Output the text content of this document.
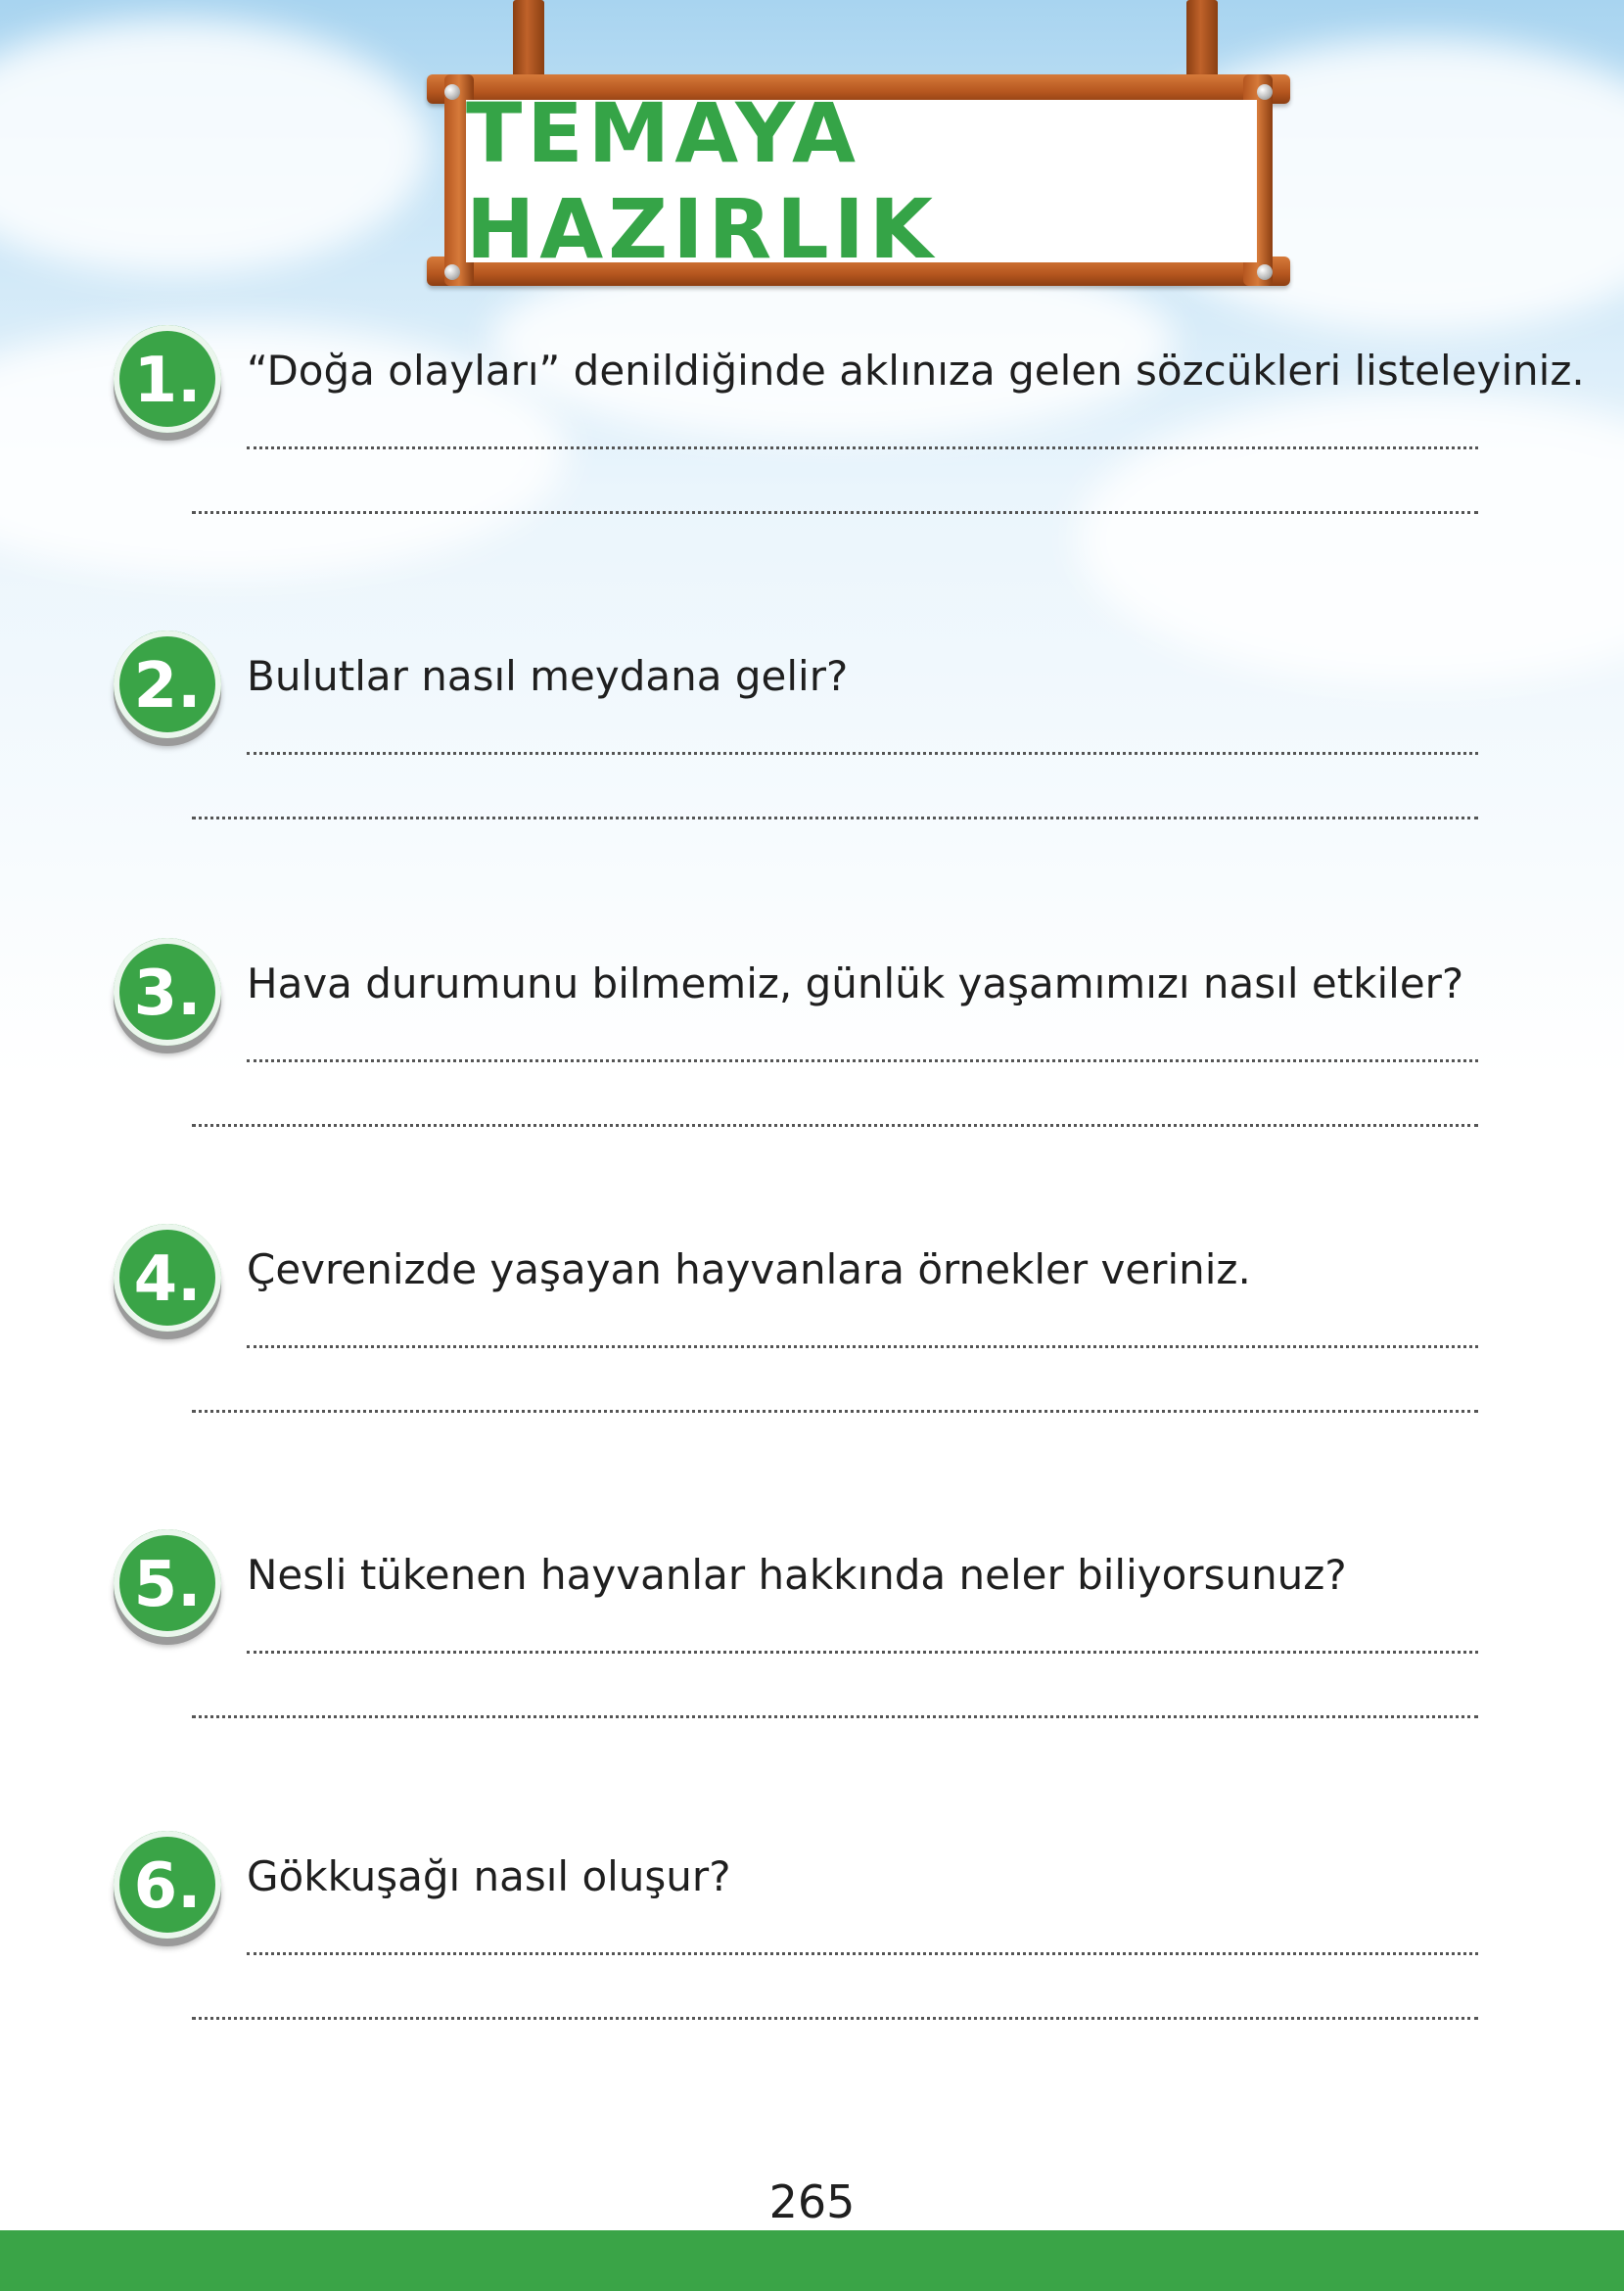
TEMAYA HAZIRLIK
1. “Doğa olayları” denildiğinde aklınıza gelen sözcükleri listeleyiniz.
2. Bulutlar nasıl meydana gelir?
3. Hava durumunu bilmemiz, günlük yaşamımızı nasıl etkiler?
4. Çevrenizde yaşayan hayvanlara örnekler veriniz.
5. Nesli tükenen hayvanlar hakkında neler biliyorsunuz?
6. Gökkuşağı nasıl oluşur?
265
